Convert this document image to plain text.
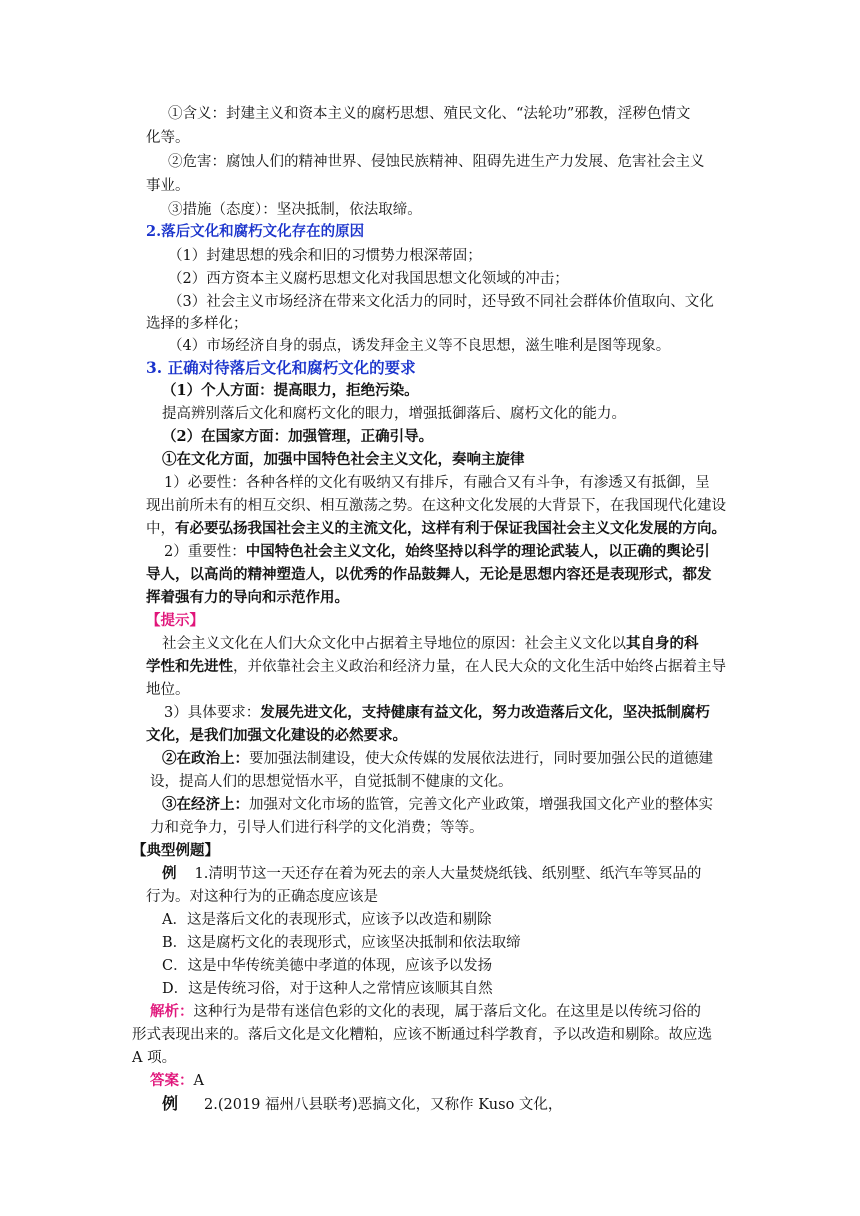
①含义：封建主义和资本主义的腐朽思想、殖民文化、“法轮功”邪教，淫秽色情文
化等。
②危害：腐蚀人们的精神世界、侵蚀民族精神、阻碍先进生产力发展、危害社会主义
事业。
③措施（态度）：坚决抵制，依法取缔。
2.落后文化和腐朽文化存在的原因
（1）封建思想的残余和旧的习惯势力根深蒂固；
（2）西方资本主义腐朽思想文化对我国思想文化领域的冲击；
（3）社会主义市场经济在带来文化活力的同时，还导致不同社会群体价值取向、文化
选择的多样化；
（4）市场经济自身的弱点，诱发拜金主义等不良思想，滋生唯利是图等现象。
3. 正确对待落后文化和腐朽文化的要求
（1）个人方面：提高眼力，拒绝污染。
提高辨别落后文化和腐朽文化的眼力，增强抵御落后、腐朽文化的能力。
（2）在国家方面：加强管理，正确引导。
①在文化方面，加强中国特色社会主义文化，奏响主旋律
1）必要性：各种各样的文化有吸纳又有排斥，有融合又有斗争，有渗透又有抵御，呈
现出前所未有的相互交织、相互激荡之势。在这种文化发展的大背景下，在我国现代化建设
中，有必要弘扬我国社会主义的主流文化，这样有利于保证我国社会主义文化发展的方向。
2）重要性：中国特色社会主义文化，始终坚持以科学的理论武装人，以正确的舆论引
导人，以高尚的精神塑造人，以优秀的作品鼓舞人，无论是思想内容还是表现形式，都发
挥着强有力的导向和示范作用。
【提示】
社会主义文化在人们大众文化中占据着主导地位的原因：社会主义文化以其自身的科
学性和先进性，并依靠社会主义政治和经济力量，在人民大众的文化生活中始终占据着主导
地位。
3）具体要求：发展先进文化，支持健康有益文化，努力改造落后文化，坚决抵制腐朽
文化，是我们加强文化建设的必然要求。
②在政治上：要加强法制建设，使大众传媒的发展依法进行，同时要加强公民的道德建
设，提高人们的思想觉悟水平，自觉抵制不健康的文化。
③在经济上：加强对文化市场的监管，完善文化产业政策，增强我国文化产业的整体实
力和竞争力，引导人们进行科学的文化消费；等等。
【典型例题】
例 1.清明节这一天还存在着为死去的亲人大量焚烧纸钱、纸别墅、纸汽车等冥品的
行为。对这种行为的正确态度应该是
A．这是落后文化的表现形式，应该予以改造和剔除
B．这是腐朽文化的表现形式，应该坚决抵制和依法取缔
C．这是中华传统美德中孝道的体现，应该予以发扬
D．这是传统习俗，对于这种人之常情应该顺其自然
解析：这种行为是带有迷信色彩的文化的表现，属于落后文化。在这里是以传统习俗的
形式表现出来的。落后文化是文化糟粕，应该不断通过科学教育，予以改造和剔除。故应选
A 项。
答案：A
例 2.(2019 福州八县联考)恶搞文化，又称作 Kuso 文化，
